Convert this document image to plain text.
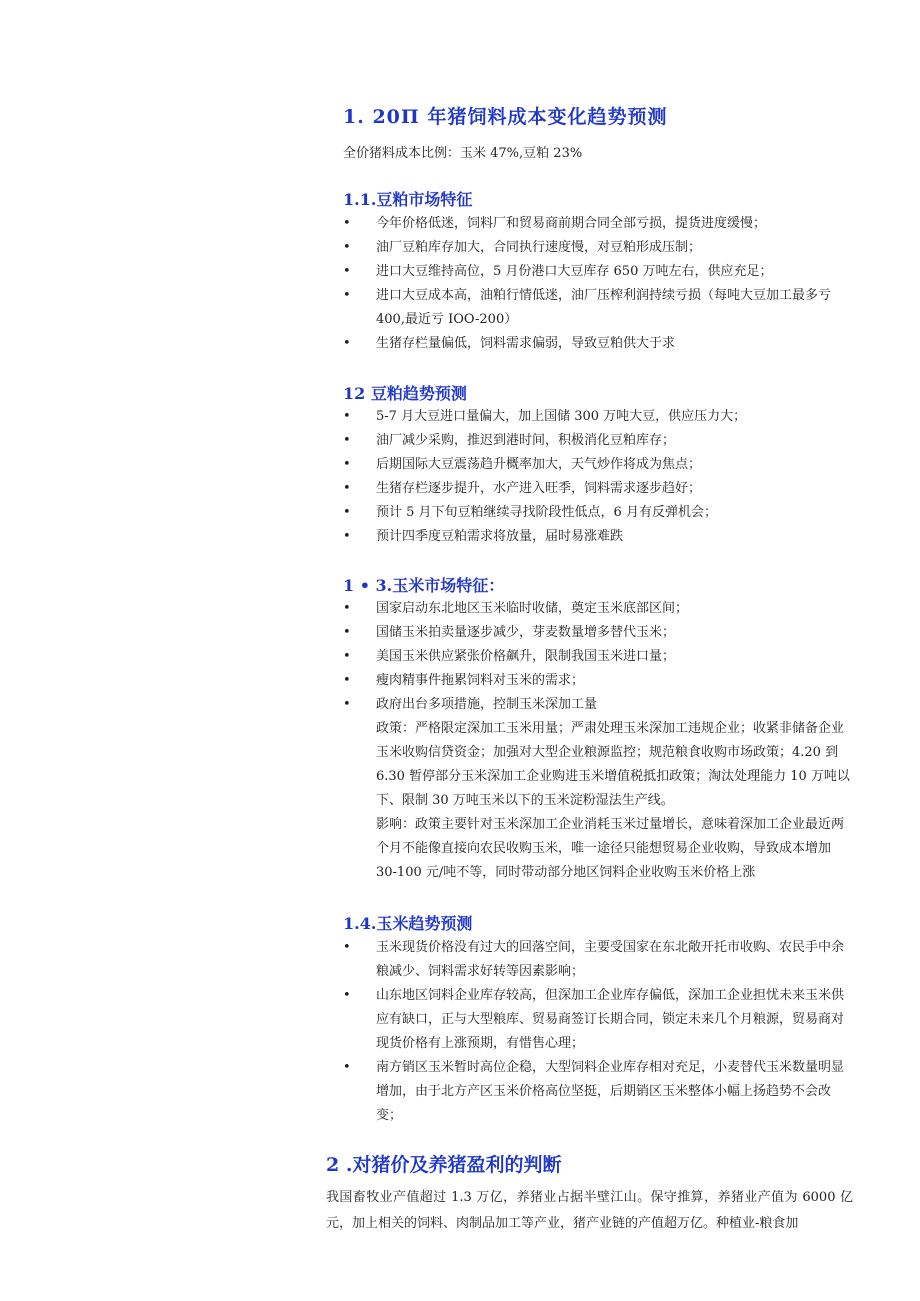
1. 20П 年猪饲料成本变化趋势预测
全价猪料成本比例：玉米 47%,豆粕 23%
1.1.豆粕市场特征
• 今年价格低迷，饲料厂和贸易商前期合同全部亏损，提货进度缓慢；
• 油厂豆粕库存加大，合同执行速度慢，对豆粕形成压制；
• 进口大豆维持高位，5 月份港口大豆库存 650 万吨左右，供应充足；
• 进口大豆成本高，油粕行情低迷，油厂压榨利润持续亏损（每吨大豆加工最多亏 400,最近亏 IOO-200）
• 生猪存栏量偏低，饲料需求偏弱，导致豆粕供大于求
12 豆粕趋势预测
• 5-7 月大豆进口量偏大，加上国储 300 万吨大豆，供应压力大；
• 油厂减少采购，推迟到港时间，积极消化豆粕库存；
• 后期国际大豆震荡趋升概率加大，天气炒作将成为焦点；
• 生猪存栏逐步提升，水产进入旺季，饲料需求逐步趋好；
• 预计 5 月下旬豆粕继续寻找阶段性低点，6 月有反弹机会；
• 预计四季度豆粕需求将放量，届时易涨难跌
1 • 3.玉米市场特征：
• 国家启动东北地区玉米临时收储，奠定玉米底部区间；
• 国储玉米拍卖量逐步减少，芽麦数量增多替代玉米；
• 美国玉米供应紧张价格飙升，限制我国玉米进口量；
• 瘦肉精事件拖累饲料对玉米的需求；
• 政府出台多项措施，控制玉米深加工量
政策：严格限定深加工玉米用量；严肃处理玉米深加工违规企业；收紧非储备企业玉米收购信贷资金；加强对大型企业粮源监控；规范粮食收购市场政策；4.20 到 6.30 暂停部分玉米深加工企业购进玉米增值税抵扣政策；淘汰处理能力 10 万吨以下、限制 30 万吨玉米以下的玉米淀粉湿法生产线。
影响：政策主要针对玉米深加工企业消耗玉米过量增长，意味着深加工企业最近两个月不能像直接向农民收购玉米，唯一途径只能想贸易企业收购，导致成本增加 30-100 元/吨不等，同时带动部分地区饲料企业收购玉米价格上涨
1.4.玉米趋势预测
• 玉米现货价格没有过大的回落空间，主要受国家在东北敞开托市收购、农民手中余粮减少、饲料需求好转等因素影响；
• 山东地区饲料企业库存较高，但深加工企业库存偏低，深加工企业担忧未来玉米供应有缺口，正与大型粮库、贸易商签订长期合同，锁定未来几个月粮源，贸易商对现货价格有上涨预期，有惜售心理；
• 南方销区玉米暂时高位企稳，大型饲料企业库存相对充足，小麦替代玉米数量明显增加，由于北方产区玉米价格高位坚挺，后期销区玉米整体小幅上扬趋势不会改变；
2 .对猪价及养猪盈利的判断
我国畜牧业产值超过 1.3 万亿，养猪业占据半壁江山。保守推算，养猪业产值为 6000 亿元，加上相关的饲料、肉制品加工等产业，猪产业链的产值超万亿。种植业-粮食加
